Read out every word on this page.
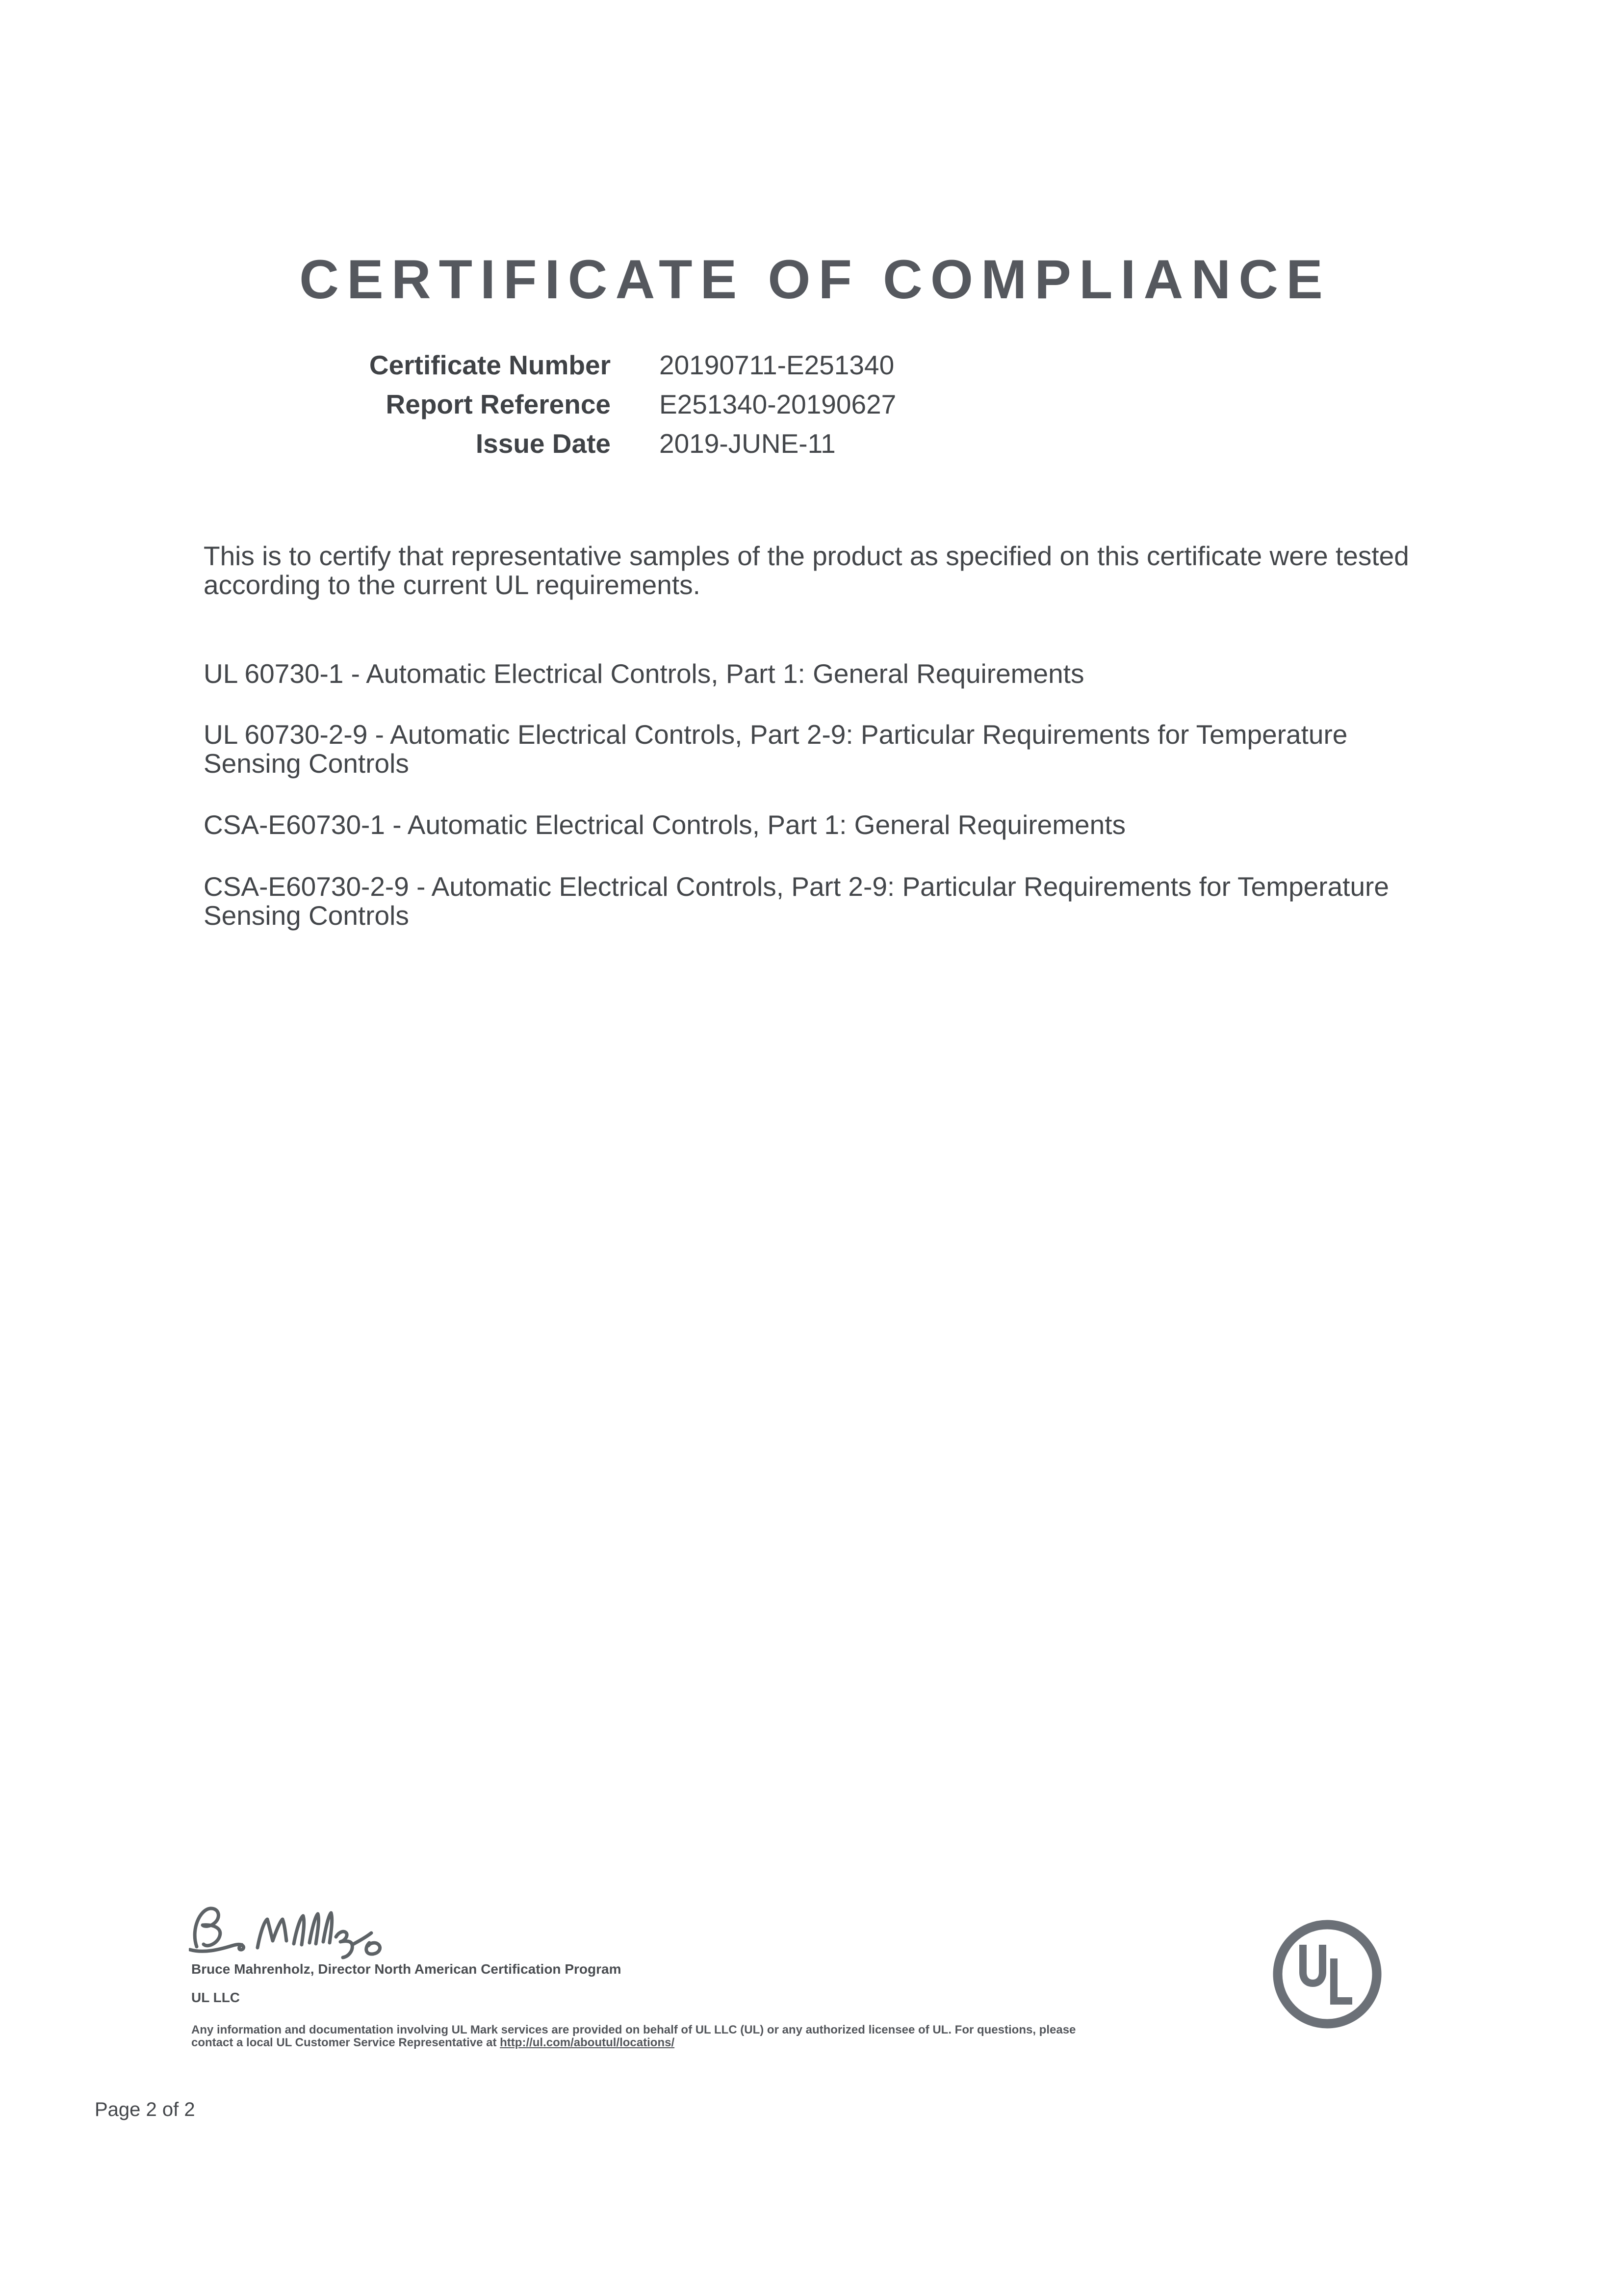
CERTIFICATE OF COMPLIANCE
Certificate Number 20190711-E251340
Report Reference E251340-20190627
Issue Date 2019-JUNE-11

This is to certify that representative samples of the product as specified on this certificate were tested according to the current UL requirements.

UL 60730-1 - Automatic Electrical Controls, Part 1: General Requirements

UL 60730-2-9 - Automatic Electrical Controls, Part 2-9: Particular Requirements for Temperature Sensing Controls

CSA-E60730-1 - Automatic Electrical Controls, Part 1: General Requirements

CSA-E60730-2-9 - Automatic Electrical Controls, Part 2-9: Particular Requirements for Temperature Sensing Controls

Bruce Mahrenholz, Director North American Certification Program
UL LLC
Any information and documentation involving UL Mark services are provided on behalf of UL LLC (UL) or any authorized licensee of UL. For questions, please
contact a local UL Customer Service Representative at http://ul.com/aboutul/locations/
Page 2 of 2
